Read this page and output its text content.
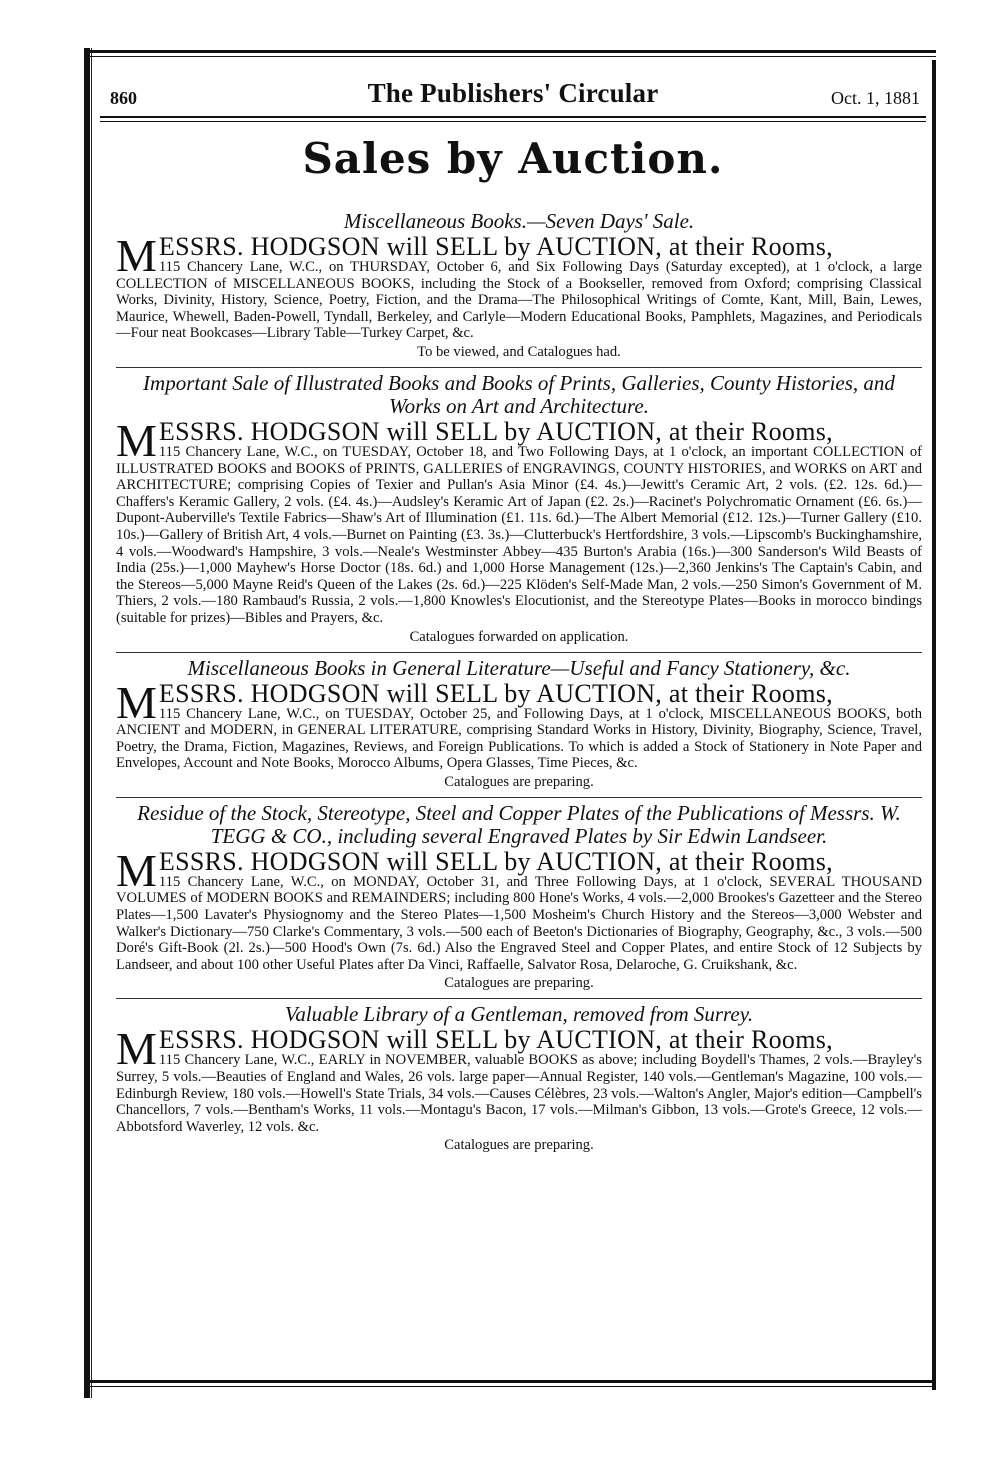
860	The Publishers' Circular	Oct. 1, 1881
Sales by Auction.
Miscellaneous Books.—Seven Days' Sale.
M ESSRS. HODGSON will SELL by AUCTION, at their Rooms,
115 Chancery Lane, W.C., on THURSDAY, October 6, and Six Following Days (Saturday excepted), at 1 o'clock, a large COLLECTION of MISCELLANEOUS BOOKS, including the Stock of a Bookseller, removed from Oxford; comprising Classical Works, Divinity, History, Science, Poetry, Fiction, and the Drama—The Philosophical Writings of Comte, Kant, Mill, Bain, Lewes, Maurice, Whewell, Baden-Powell, Tyndall, Berkeley, and Carlyle—Modern Educational Books, Pamphlets, Magazines, and Periodicals—Four neat Bookcases—Library Table—Turkey Carpet, &c.
To be viewed, and Catalogues had.
Important Sale of Illustrated Books and Books of Prints, Galleries, County Histories, and Works on Art and Architecture.
M ESSRS. HODGSON will SELL by AUCTION, at their Rooms,
115 Chancery Lane, W.C., on TUESDAY, October 18, and Two Following Days, at 1 o'clock, an important COLLECTION of ILLUSTRATED BOOKS and BOOKS of PRINTS, GALLERIES of ENGRAVINGS, COUNTY HISTORIES, and WORKS on ART and ARCHITECTURE; comprising Copies of Texier and Pullan's Asia Minor (£4. 4s.)—Jewitt's Ceramic Art, 2 vols. (£2. 12s. 6d.)—Chaffers's Keramic Gallery, 2 vols. (£4. 4s.)—Audsley's Keramic Art of Japan (£2. 2s.)—Racinet's Polychromatic Ornament (£6. 6s.)—Dupont-Auberville's Textile Fabrics—Shaw's Art of Illumination (£1. 11s. 6d.)—The Albert Memorial (£12. 12s.)—Turner Gallery (£10. 10s.)—Gallery of British Art, 4 vols.—Burnet on Painting (£3. 3s.)—Clutterbuck's Hertfordshire, 3 vols.—Lipscomb's Buckinghamshire, 4 vols.—Woodward's Hampshire, 3 vols.—Neale's Westminster Abbey—435 Burton's Arabia (16s.)—300 Sanderson's Wild Beasts of India (25s.)—1,000 Mayhew's Horse Doctor (18s. 6d.) and 1,000 Horse Management (12s.)—2,360 Jenkins's The Captain's Cabin, and the Stereos—5,000 Mayne Reid's Queen of the Lakes (2s. 6d.)—225 Klöden's Self-Made Man, 2 vols.—250 Simon's Government of M. Thiers, 2 vols.—180 Rambaud's Russia, 2 vols.—1,800 Knowles's Elocutionist, and the Stereotype Plates—Books in morocco bindings (suitable for prizes)—Bibles and Prayers, &c.
Catalogues forwarded on application.
Miscellaneous Books in General Literature—Useful and Fancy Stationery, &c.
M ESSRS. HODGSON will SELL by AUCTION, at their Rooms,
115 Chancery Lane, W.C., on TUESDAY, October 25, and Following Days, at 1 o'clock, MISCELLANEOUS BOOKS, both ANCIENT and MODERN, in GENERAL LITERATURE, comprising Standard Works in History, Divinity, Biography, Science, Travel, Poetry, the Drama, Fiction, Magazines, Reviews, and Foreign Publications. To which is added a Stock of Stationery in Note Paper and Envelopes, Account and Note Books, Morocco Albums, Opera Glasses, Time Pieces, &c.
Catalogues are preparing.
Residue of the Stock, Stereotype, Steel and Copper Plates of the Publications of Messrs. W. TEGG & CO., including several Engraved Plates by Sir Edwin Landseer.
M ESSRS. HODGSON will SELL by AUCTION, at their Rooms,
115 Chancery Lane, W.C., on MONDAY, October 31, and Three Following Days, at 1 o'clock, SEVERAL THOUSAND VOLUMES of MODERN BOOKS and REMAINDERS; including 800 Hone's Works, 4 vols.—2,000 Brookes's Gazetteer and the Stereo Plates—1,500 Lavater's Physiognomy and the Stereo Plates—1,500 Mosheim's Church History and the Stereos—3,000 Webster and Walker's Dictionary—750 Clarke's Commentary, 3 vols.—500 each of Beeton's Dictionaries of Biography, Geography, &c., 3 vols.—500 Doré's Gift-Book (2l. 2s.)—500 Hood's Own (7s. 6d.) Also the Engraved Steel and Copper Plates, and entire Stock of 12 Subjects by Landseer, and about 100 other Useful Plates after Da Vinci, Raffaelle, Salvator Rosa, Delaroche, G. Cruikshank, &c.
Catalogues are preparing.
Valuable Library of a Gentleman, removed from Surrey.
M ESSRS. HODGSON will SELL by AUCTION, at their Rooms,
115 Chancery Lane, W.C., EARLY in NOVEMBER, valuable BOOKS as above; including Boydell's Thames, 2 vols.—Brayley's Surrey, 5 vols.—Beauties of England and Wales, 26 vols. large paper—Annual Register, 140 vols.—Gentleman's Magazine, 100 vols.—Edinburgh Review, 180 vols.—Howell's State Trials, 34 vols.—Causes Célèbres, 23 vols.—Walton's Angler, Major's edition—Campbell's Chancellors, 7 vols.—Bentham's Works, 11 vols.—Montagu's Bacon, 17 vols.—Milman's Gibbon, 13 vols.—Grote's Greece, 12 vols.—Abbotsford Waverley, 12 vols. &c.
Catalogues are preparing.
